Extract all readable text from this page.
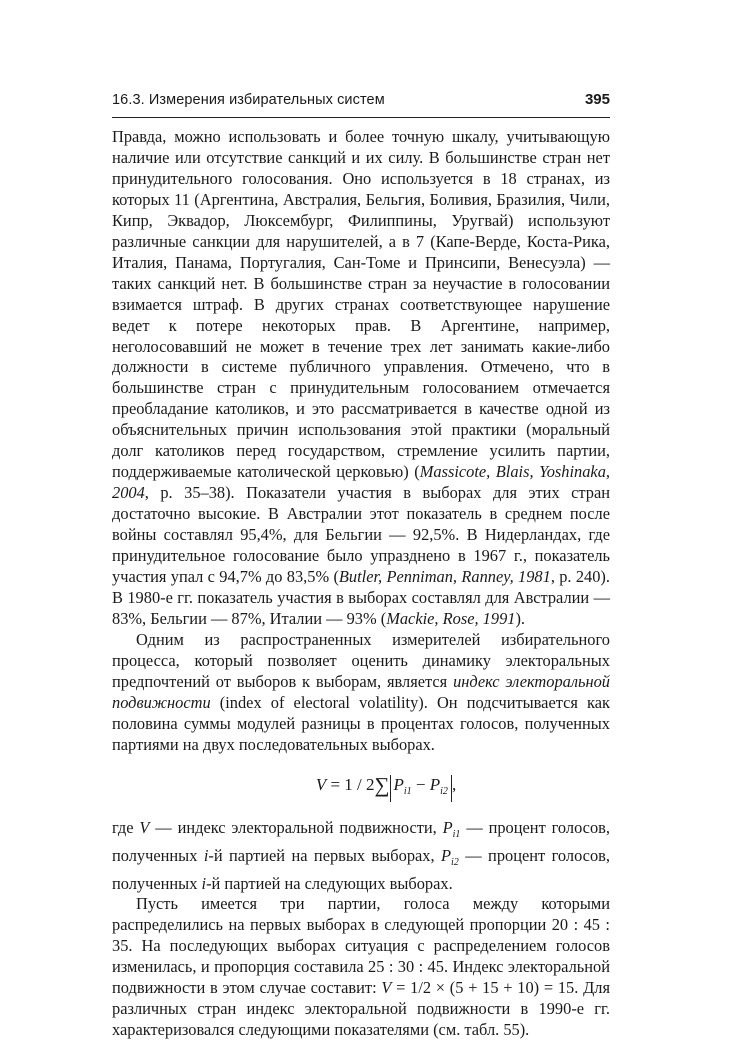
16.3. Измерения избирательных систем	395

Правда, можно использовать и более точную шкалу, учитывающую наличие или отсутствие санкций и их силу. В большинстве стран нет принудительного голосования. Оно используется в 18 странах, из которых 11 (Аргентина, Австралия, Бельгия, Боливия, Бразилия, Чили, Кипр, Эквадор, Люксембург, Филиппины, Уругвай) используют различные санкции для нарушителей, а в 7 (Капе-Верде, Коста-Рика, Италия, Панама, Португалия, Сан-Томе и Принсипи, Венесуэла) — таких санкций нет. В большинстве стран за неучастие в голосовании взимается штраф. В других странах соответствующее нарушение ведет к потере некоторых прав. В Аргентине, например, неголосовавший не может в течение трех лет занимать какие-либо должности в системе публичного управления. Отмечено, что в большинстве стран с принудительным голосованием отмечается преобладание католиков, и это рассматривается в качестве одной из объяснительных причин использования этой практики (моральный долг католиков перед государством, стремление усилить партии, поддерживаемые католической церковью) (Massicote, Blais, Yoshinaka, 2004, p. 35–38). Показатели участия в выборах для этих стран достаточно высокие. В Австралии этот показатель в среднем после войны составлял 95,4%, для Бельгии — 92,5%. В Нидерландах, где принудительное голосование было упразднено в 1967 г., показатель участия упал с 94,7% до 83,5% (Butler, Penniman, Ranney, 1981, p. 240). В 1980-е гг. показатель участия в выборах составлял для Австралии — 83%, Бельгии — 87%, Италии — 93% (Mackie, Rose, 1991).

Одним из распространенных измерителей избирательного процесса, который позволяет оценить динамику электоральных предпочтений от выборов к выборам, является индекс электоральной подвижности (index of electoral volatility). Он подсчитывается как половина суммы модулей разницы в процентах голосов, полученных партиями на двух последовательных выборах.

V = 1 / 2∑ $P_{i1} - P_{i2}$ ,

где V — индекс электоральной подвижности, $P_{i1}$ — процент голосов, полученных i-й партией на первых выборах, $P_{i2}$ — процент голосов, полученных i-й партией на следующих выборах.

Пусть имеется три партии, голоса между которыми распределились на первых выборах в следующей пропорции 20 : 45 : 35. На последующих выборах ситуация с распределением голосов изменилась, и пропорция составила 25 : 30 : 45. Индекс электоральной подвижности в этом случае составит: V = 1/2 × (5 + 15 + 10) = 15. Для различных стран индекс электоральной подвижности в 1990-е гг. характеризовался следующими показателями (см. табл. 55).
